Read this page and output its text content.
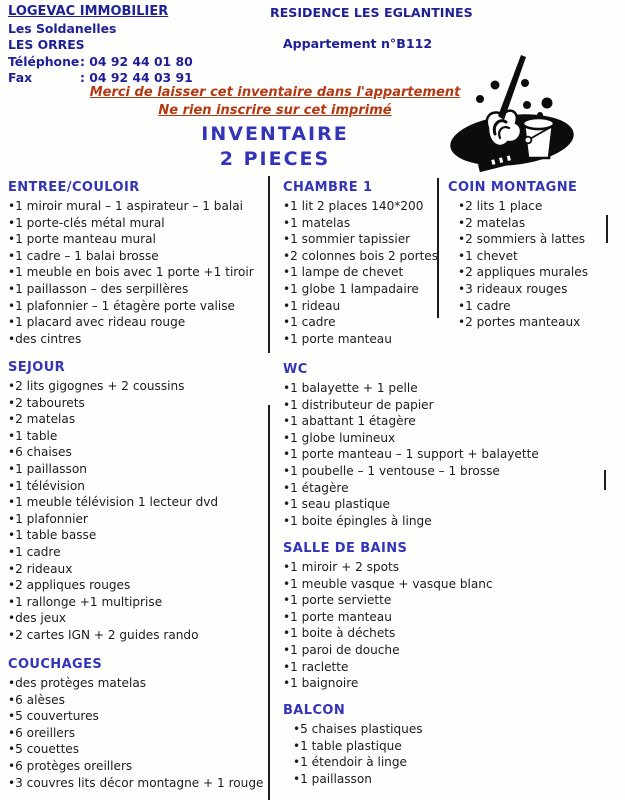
LOGEVAC IMMOBILIER
Les Soldanelles
LES ORRES
Téléphone : 04 92 44 01 80
Fax	: 04 92 44 03 91
RESIDENCE LES EGLANTINES
Appartement n°B112
Merci de laisser cet inventaire dans l'appartement
Ne rien inscrire sur cet imprimé
INVENTAIRE
2 PIECES
ENTREE/COULOIR
•1 miroir mural – 1 aspirateur – 1 balai
•1 porte-clés métal mural
•1 porte manteau mural
•1 cadre – 1 balai brosse
•1 meuble en bois avec 1 porte +1 tiroir
•1 paillasson – des serpillères
•1 plafonnier – 1 étagère porte valise
•1 placard avec rideau rouge
•des cintres
SEJOUR
•2 lits gigognes + 2 coussins
•2 tabourets
•2 matelas
•1 table
•6 chaises
•1 paillasson
•1 télévision
•1 meuble télévision 1 lecteur dvd
•1 plafonnier
•1 table basse
•1 cadre
•2 rideaux
•2 appliques rouges
•1 rallonge +1 multiprise
•des jeux
•2 cartes IGN + 2 guides rando
COUCHAGES
•des protèges matelas
•6 alèses
•5 couvertures
•6 oreillers
•5 couettes
•6 protèges oreillers
•3 couvres lits décor montagne + 1 rouge
CHAMBRE 1
•1 lit 2 places 140*200
•1 matelas
•1 sommier tapissier
•2 colonnes bois 2 portes
•1 lampe de chevet
•1 globe 1 lampadaire
•1 rideau
•1 cadre
•1 porte manteau
WC
•1 balayette + 1 pelle
•1 distributeur de papier
•1 abattant 1 étagère
•1 globe lumineux
•1 porte manteau – 1 support + balayette
•1 poubelle – 1 ventouse – 1 brosse
•1 étagère
•1 seau plastique
•1 boite épingles à linge
SALLE DE BAINS
•1 miroir + 2 spots
•1 meuble vasque + vasque blanc
•1 porte serviette
•1 porte manteau
•1 boite à déchets
•1 paroi de douche
•1 raclette
•1 baignoire
BALCON
•5 chaises plastiques
•1 table plastique
•1 étendoir à linge
•1 paillasson
COIN MONTAGNE
•2 lits 1 place
•2 matelas
•2 sommiers à lattes
•1 chevet
•2 appliques murales
•3 rideaux rouges
•1 cadre
•2 portes manteaux
